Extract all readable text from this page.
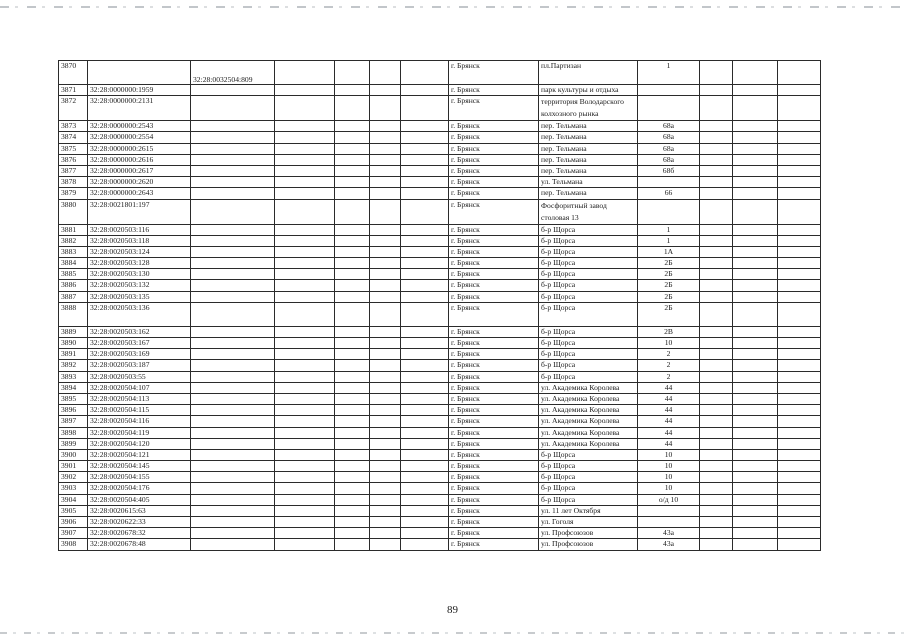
3870		32:28:0032504:809					г. Брянск	пл.Партизан	1			
3871	32:28:0000000:1959						г. Брянск	парк культуры и отдыха				
3872	32:28:0000000:2131						г. Брянск	территория Володарского колхозного рынка				
3873	32:28:0000000:2543						г. Брянск	пер. Тельмана	68а			
3874	32:28:0000000:2554						г. Брянск	пер. Тельмана	68а			
3875	32:28:0000000:2615						г. Брянск	пер. Тельмана	68а			
3876	32:28:0000000:2616						г. Брянск	пер. Тельмана	68а			
3877	32:28:0000000:2617						г. Брянск	пер. Тельмана	68б			
3878	32:28:0000000:2620						г. Брянск	ул. Тельмана				
3879	32:28:0000000:2643						г. Брянск	пер. Тельмана	66			
3880	32:28:0021801:197						г. Брянск	Фосфоритный завод столовая 13				
3881	32:28:0020503:116						г. Брянск	б-р Щорса	1			
3882	32:28:0020503:118						г. Брянск	б-р Щорса	1			
3883	32:28:0020503:124						г. Брянск	б-р Щорса	1А			
3884	32:28:0020503:128						г. Брянск	б-р Щорса	2Б			
3885	32:28:0020503:130						г. Брянск	б-р Щорса	2Б			
3886	32:28:0020503:132						г. Брянск	б-р Щорса	2Б			
3887	32:28:0020503:135						г. Брянск	б-р Щорса	2Б			
3888	32:28:0020503:136						г. Брянск	б-р Щорса	2Б			
3889	32:28:0020503:162						г. Брянск	б-р Щорса	2В			
3890	32:28:0020503:167						г. Брянск	б-р Щорса	10			
3891	32:28:0020503:169						г. Брянск	б-р Щорса	2			
3892	32:28:0020503:187						г. Брянск	б-р Щорса	2			
3893	32:28:0020503:55						г. Брянск	б-р Щорса	2			
3894	32:28:0020504:107						г. Брянск	ул. Академика Королева	44			
3895	32:28:0020504:113						г. Брянск	ул. Академика Королева	44			
3896	32:28:0020504:115						г. Брянск	ул. Академика Королева	44			
3897	32:28:0020504:116						г. Брянск	ул. Академика Королева	44			
3898	32:28:0020504:119						г. Брянск	ул. Академика Королева	44			
3899	32:28:0020504:120						г. Брянск	ул. Академика Королева	44			
3900	32:28:0020504:121						г. Брянск	б-р Щорса	10			
3901	32:28:0020504:145						г. Брянск	б-р Щорса	10			
3902	32:28:0020504:155						г. Брянск	б-р Щорса	10			
3903	32:28:0020504:176						г. Брянск	б-р Щорса	10			
3904	32:28:0020504:405						г. Брянск	б-р Щорса	о/д 10			
3905	32:28:0020615:63						г. Брянск	ул. 11 лет Октября				
3906	32:28:0020622:33						г. Брянск	ул. Гоголя				
3907	32:28:0020678:32						г. Брянск	ул. Профсоюзов	43а			
3908	32:28:0020678:48						г. Брянск	ул. Профсоюзов	43а			
89
